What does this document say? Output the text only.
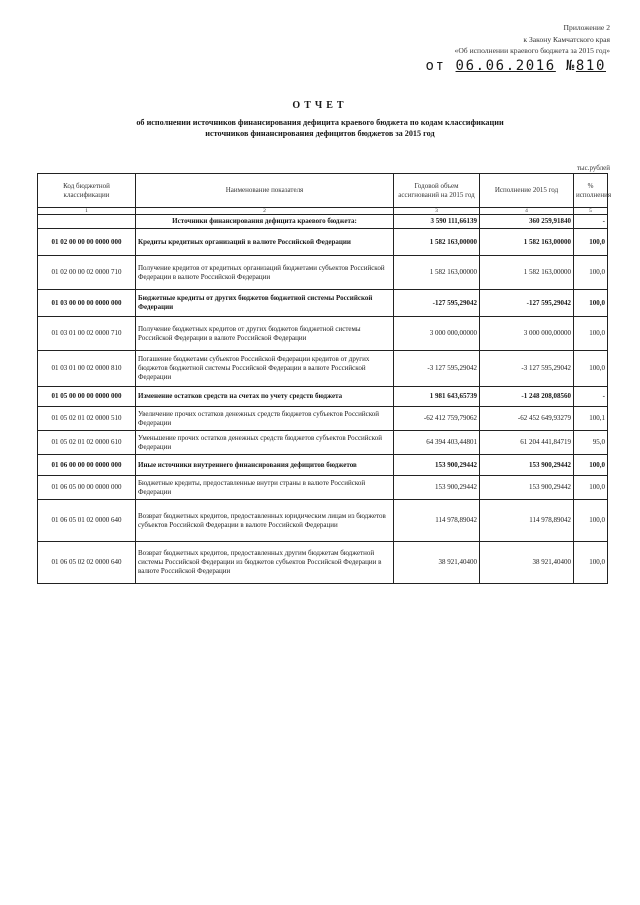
Приложение 2
к Закону Камчатского края
«Об исполнении краевого бюджета за 2015 год»
от 06.06.2016 №810
ОТЧЕТ
об исполнении источников финансирования дефицита краевого бюджета по кодам классификации
источников финансирования дефицитов бюджетов за 2015 год
тыс.рублей
Код бюджетной классификации	Наименование показателя	Годовой объем ассигнований на 2015 год	Исполнение 2015 год	% исполнения
1	2	3	4	5
	Источники финансирования дефицита краевого бюджета:	3 590 111,66139	360 259,91840	-
01 02 00 00 00 0000 000	Кредиты кредитных организаций в валюте Российской Федерации	1 582 163,00000	1 582 163,00000	100,0
01 02 00 00 02 0000 710	Получение кредитов от кредитных организаций бюджетами субъектов Российской Федерации в валюте Российской Федерации	1 582 163,00000	1 582 163,00000	100,0
01 03 00 00 00 0000 000	Бюджетные кредиты от других бюджетов бюджетной системы Российской Федерации	-127 595,29042	-127 595,29042	100,0
01 03 01 00 02 0000 710	Получение бюджетных кредитов от других бюджетов бюджетной системы Российской Федерации в валюте Российской Федерации	3 000 000,00000	3 000 000,00000	100,0
01 03 01 00 02 0000 810	Погашение бюджетами субъектов Российской Федерации кредитов от других бюджетов бюджетной системы Российской Федерации в валюте Российской Федерации	-3 127 595,29042	-3 127 595,29042	100,0
01 05 00 00 00 0000 000	Изменение остатков средств на счетах по учету средств бюджета	1 981 643,65739	-1 248 208,08560	-
01 05 02 01 02 0000 510	Увеличение прочих остатков денежных средств бюджетов субъектов Российской Федерации	-62 412 759,79062	-62 452 649,93279	100,1
01 05 02 01 02 0000 610	Уменьшение прочих остатков денежных средств бюджетов субъектов Российской Федерации	64 394 403,44801	61 204 441,84719	95,0
01 06 00 00 00 0000 000	Иные источники внутреннего финансирования дефицитов бюджетов	153 900,29442	153 900,29442	100,0
01 06 05 00 00 0000 000	Бюджетные кредиты, предоставленные внутри страны в валюте Российской Федерации	153 900,29442	153 900,29442	100,0
01 06 05 01 02 0000 640	Возврат бюджетных кредитов, предоставленных юридическим лицам из бюджетов субъектов Российской Федерации в валюте Российской Федерации	114 978,89042	114 978,89042	100,0
01 06 05 02 02 0000 640	Возврат бюджетных кредитов, предоставленных другим бюджетам бюджетной системы Российской Федерации из бюджетов субъектов Российской Федерации в валюте Российской Федерации	38 921,40400	38 921,40400	100,0
